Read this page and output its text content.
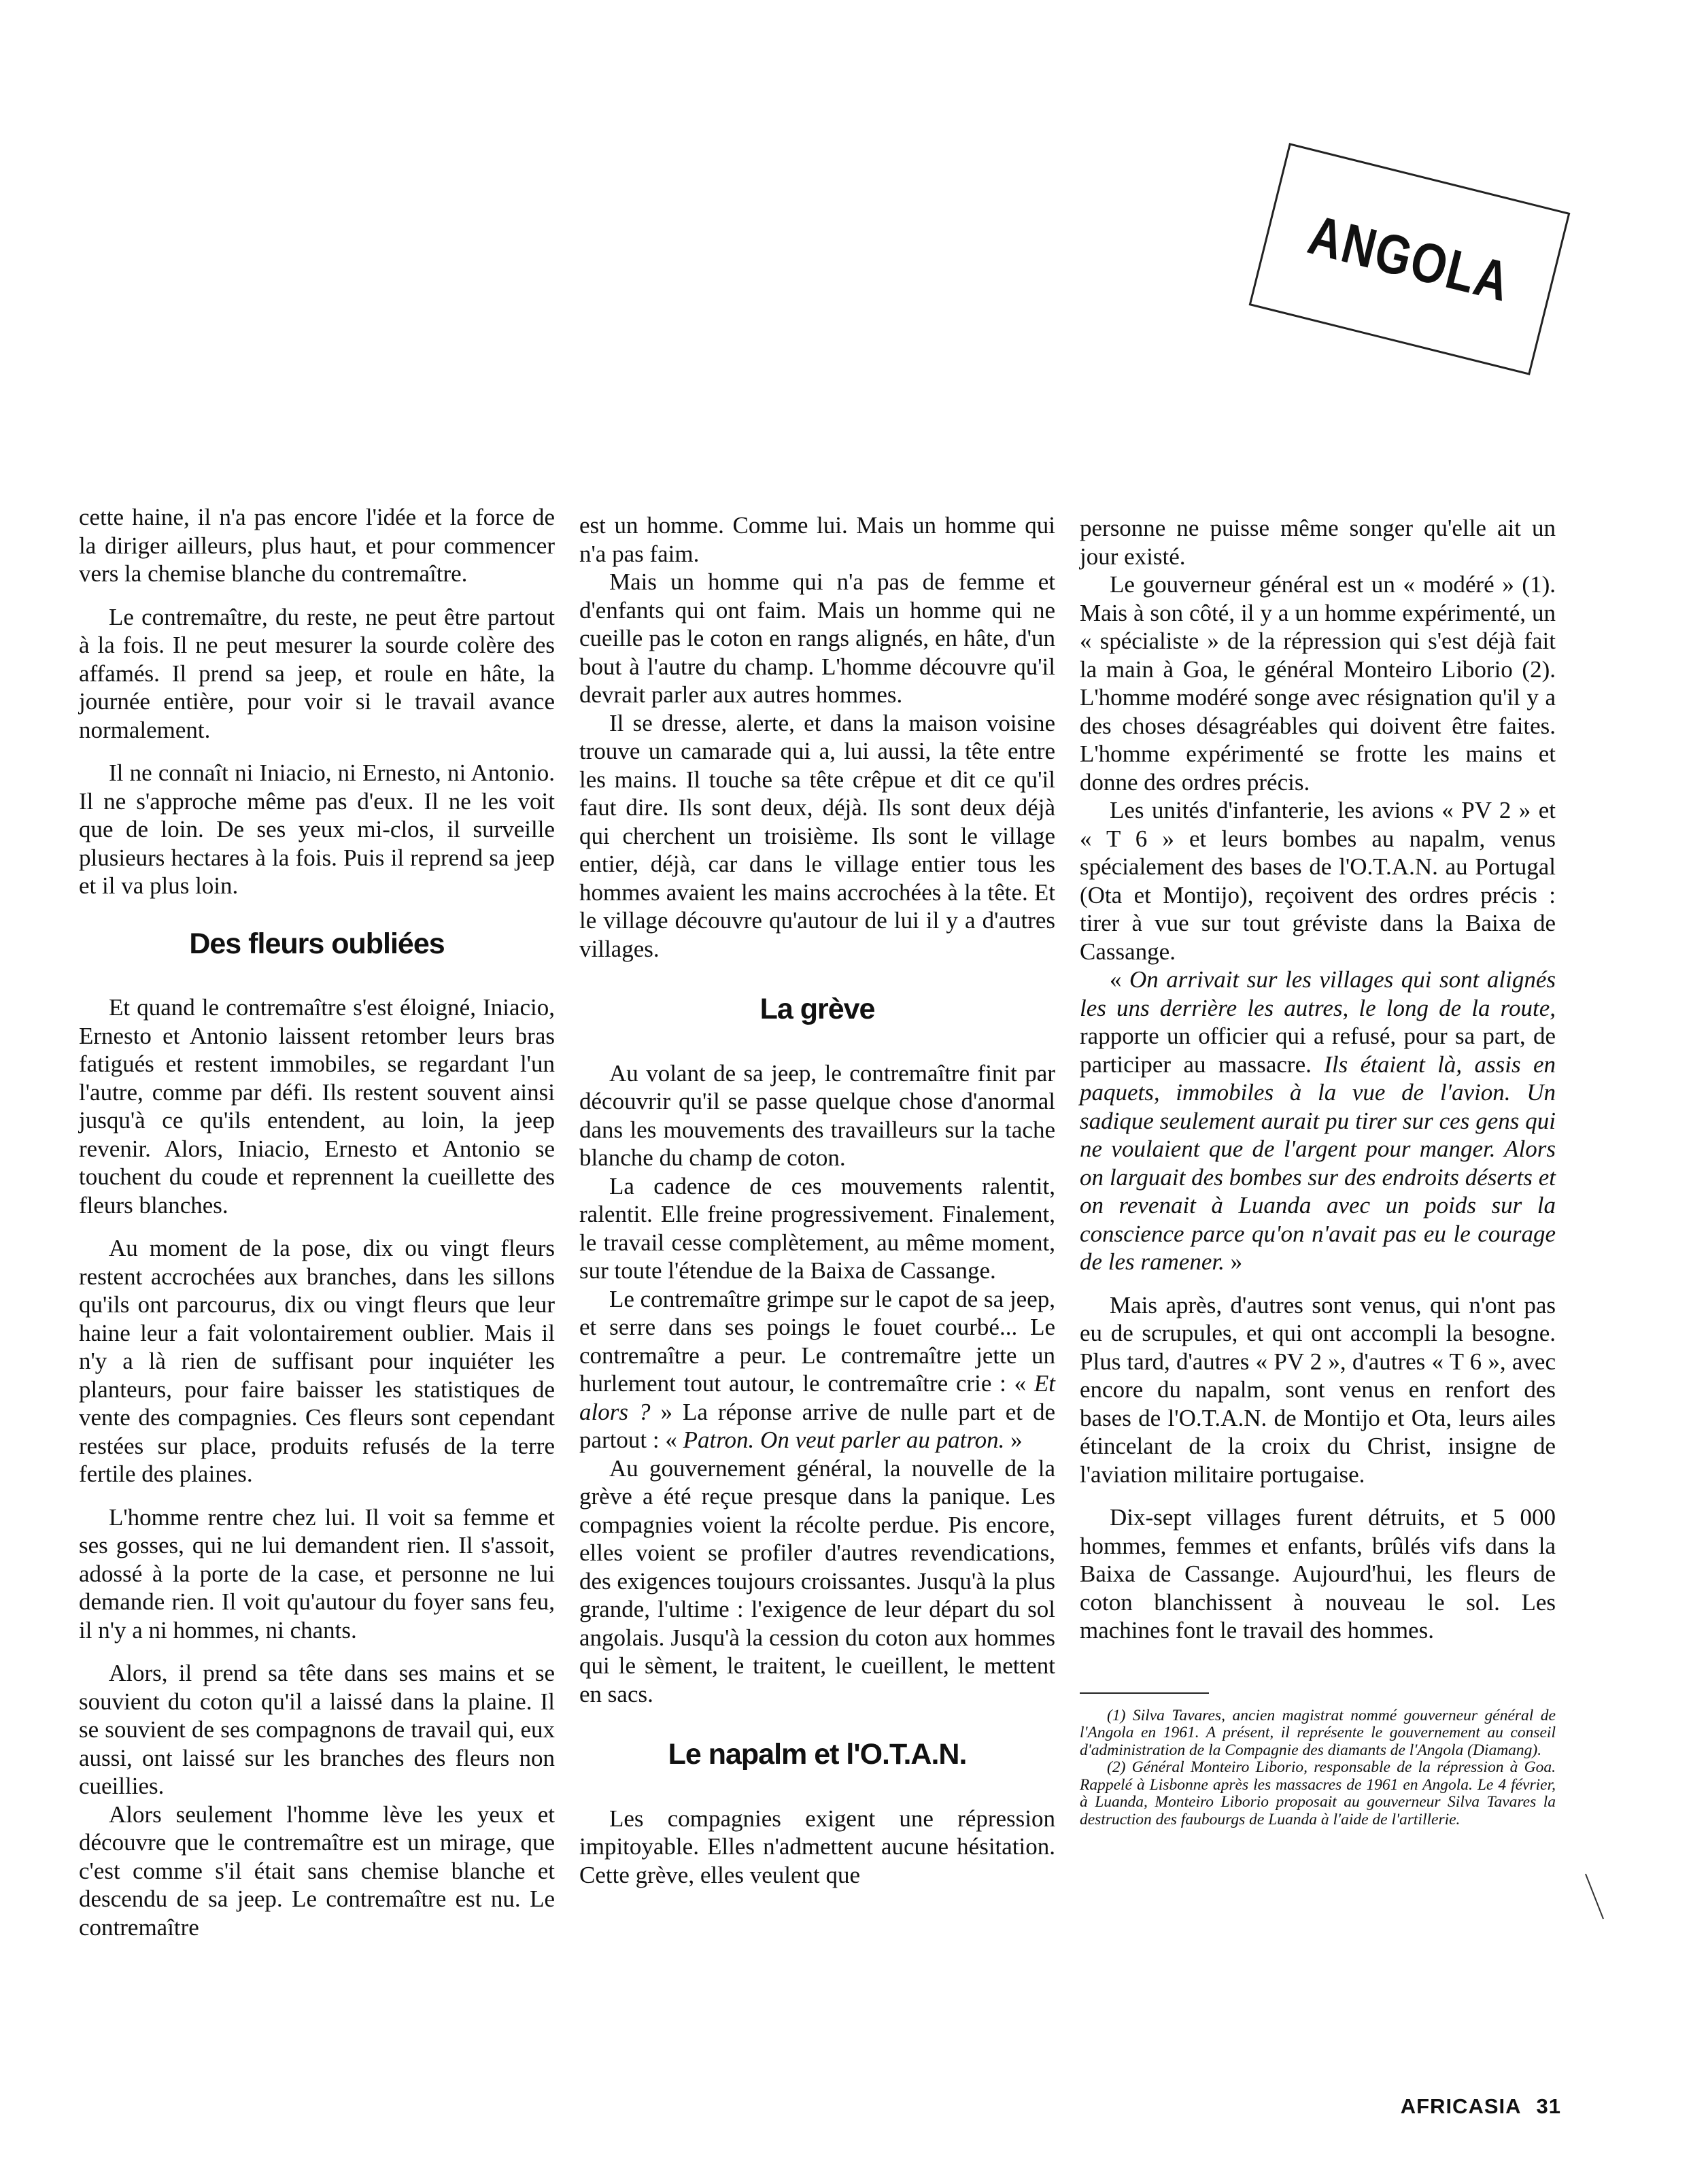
ANGOLA

cette haine, il n'a pas encore l'idée et la force de la diriger ailleurs, plus haut, et pour commencer vers la chemise blanche du contremaître.

Le contremaître, du reste, ne peut être partout à la fois. Il ne peut mesurer la sourde colère des affamés. Il prend sa jeep, et roule en hâte, la journée entière, pour voir si le travail avance normalement.

Il ne connaît ni Iniacio, ni Ernesto, ni Antonio. Il ne s'approche même pas d'eux. Il ne les voit que de loin. De ses yeux mi-clos, il surveille plusieurs hectares à la fois. Puis il reprend sa jeep et il va plus loin.

Des fleurs oubliées

Et quand le contremaître s'est éloigné, Iniacio, Ernesto et Antonio laissent retomber leurs bras fatigués et restent immobiles, se regardant l'un l'autre, comme par défi. Ils restent souvent ainsi jusqu'à ce qu'ils entendent, au loin, la jeep revenir. Alors, Iniacio, Ernesto et Antonio se touchent du coude et reprennent la cueillette des fleurs blanches.

Au moment de la pose, dix ou vingt fleurs restent accrochées aux branches, dans les sillons qu'ils ont parcourus, dix ou vingt fleurs que leur haine leur a fait volontairement oublier. Mais il n'y a là rien de suffisant pour inquiéter les planteurs, pour faire baisser les statistiques de vente des compagnies. Ces fleurs sont cependant restées sur place, produits refusés de la terre fertile des plaines.

L'homme rentre chez lui. Il voit sa femme et ses gosses, qui ne lui demandent rien. Il s'assoit, adossé à la porte de la case, et personne ne lui demande rien. Il voit qu'autour du foyer sans feu, il n'y a ni hommes, ni chants.

Alors, il prend sa tête dans ses mains et se souvient du coton qu'il a laissé dans la plaine. Il se souvient de ses compagnons de travail qui, eux aussi, ont laissé sur les branches des fleurs non cueillies.

Alors seulement l'homme lève les yeux et découvre que le contremaître est un mirage, que c'est comme s'il était sans chemise blanche et descendu de sa jeep. Le contremaître est nu. Le contremaître

est un homme. Comme lui. Mais un homme qui n'a pas faim.

Mais un homme qui n'a pas de femme et d'enfants qui ont faim. Mais un homme qui ne cueille pas le coton en rangs alignés, en hâte, d'un bout à l'autre du champ. L'homme découvre qu'il devrait parler aux autres hommes.

Il se dresse, alerte, et dans la maison voisine trouve un camarade qui a, lui aussi, la tête entre les mains. Il touche sa tête crêpue et dit ce qu'il faut dire. Ils sont deux, déjà. Ils sont deux déjà qui cherchent un troisième. Ils sont le village entier, déjà, car dans le village entier tous les hommes avaient les mains accrochées à la tête. Et le village découvre qu'autour de lui il y a d'autres villages.

La grève

Au volant de sa jeep, le contremaître finit par découvrir qu'il se passe quelque chose d'anormal dans les mouvements des travailleurs sur la tache blanche du champ de coton.

La cadence de ces mouvements ralentit, ralentit. Elle freine progressivement. Finalement, le travail cesse complètement, au même moment, sur toute l'étendue de la Baixa de Cassange.

Le contremaître grimpe sur le capot de sa jeep, et serre dans ses poings le fouet courbé... Le contremaître a peur. Le contremaître jette un hurlement tout autour, le contremaître crie : « Et alors ? » La réponse arrive de nulle part et de partout : « Patron. On veut parler au patron. »

Au gouvernement général, la nouvelle de la grève a été reçue presque dans la panique. Les compagnies voient la récolte perdue. Pis encore, elles voient se profiler d'autres revendications, des exigences toujours croissantes. Jusqu'à la plus grande, l'ultime : l'exigence de leur départ du sol angolais. Jusqu'à la cession du coton aux hommes qui le sèment, le traitent, le cueillent, le mettent en sacs.

Le napalm et l'O.T.A.N.

Les compagnies exigent une répression impitoyable. Elles n'admettent aucune hésitation. Cette grève, elles veulent que

personne ne puisse même songer qu'elle ait un jour existé.

Le gouverneur général est un « modéré » (1). Mais à son côté, il y a un homme expérimenté, un « spécialiste » de la répression qui s'est déjà fait la main à Goa, le général Monteiro Liborio (2). L'homme modéré songe avec résignation qu'il y a des choses désagréables qui doivent être faites. L'homme expérimenté se frotte les mains et donne des ordres précis.

Les unités d'infanterie, les avions « PV 2 » et « T 6 » et leurs bombes au napalm, venus spécialement des bases de l'O.T.A.N. au Portugal (Ota et Montijo), reçoivent des ordres précis : tirer à vue sur tout gréviste dans la Baixa de Cassange.

« On arrivait sur les villages qui sont alignés les uns derrière les autres, le long de la route, rapporte un officier qui a refusé, pour sa part, de participer au massacre. Ils étaient là, assis en paquets, immobiles à la vue de l'avion. Un sadique seulement aurait pu tirer sur ces gens qui ne voulaient que de l'argent pour manger. Alors on larguait des bombes sur des endroits déserts et on revenait à Luanda avec un poids sur la conscience parce qu'on n'avait pas eu le courage de les ramener. »

Mais après, d'autres sont venus, qui n'ont pas eu de scrupules, et qui ont accompli la besogne. Plus tard, d'autres « PV 2 », d'autres « T 6 », avec encore du napalm, sont venus en renfort des bases de l'O.T.A.N. de Montijo et Ota, leurs ailes étincelant de la croix du Christ, insigne de l'aviation militaire portugaise.

Dix-sept villages furent détruits, et 5 000 hommes, femmes et enfants, brûlés vifs dans la Baixa de Cassange. Aujourd'hui, les fleurs de coton blanchissent à nouveau le sol. Les machines font le travail des hommes.

(1) Silva Tavares, ancien magistrat nommé gouverneur général de l'Angola en 1961. A présent, il représente le gouvernement au conseil d'administration de la Compagnie des diamants de l'Angola (Diamang).

(2) Général Monteiro Liborio, responsable de la répression à Goa. Rappelé à Lisbonne après les massacres de 1961 en Angola. Le 4 février, à Luanda, Monteiro Liborio proposait au gouverneur Silva Tavares la destruction des faubourgs de Luanda à l'aide de l'artillerie.

AFRICASIA 31
